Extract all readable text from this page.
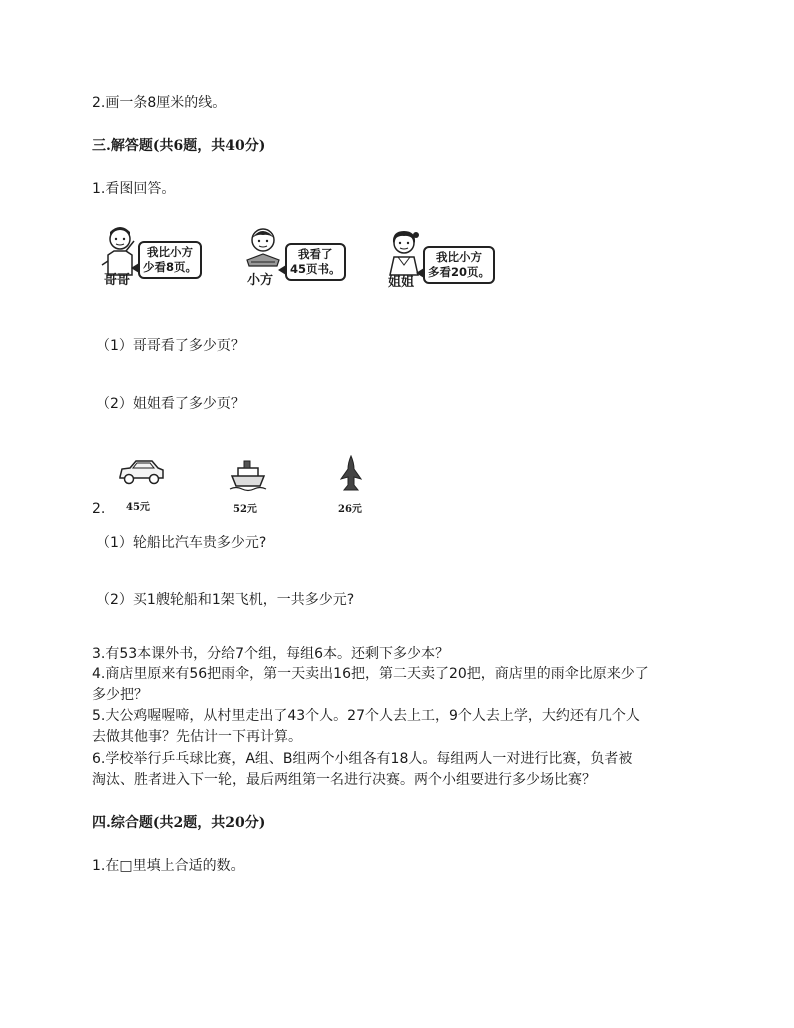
2.画一条8厘米的线。
三.解答题(共6题，共40分)
1.看图回答。
我比小方
少看8页。
哥哥
我看了
45页书。
小方
我比小方
多看20页。
姐姐
（1）哥哥看了多少页？
（2）姐姐看了多少页？
2. 45元	52元	26元
（1）轮船比汽车贵多少元?
（2）买1艘轮船和1架飞机，一共多少元?
3.有53本课外书，分给7个组，每组6本。还剩下多少本？
4.商店里原来有56把雨伞，第一天卖出16把，第二天卖了20把，商店里的雨伞比原来少了
多少把？
5.大公鸡喔喔啼，从村里走出了43个人。27个人去上工，9个人去上学，大约还有几个人
去做其他事？先估计一下再计算。
6.学校举行乒乓球比赛，A组、B组两个小组各有18人。每组两人一对进行比赛，负者被
淘汰、胜者进入下一轮，最后两组第一名进行决赛。两个小组要进行多少场比赛？
四.综合题(共2题，共20分)
1.在□里填上合适的数。
